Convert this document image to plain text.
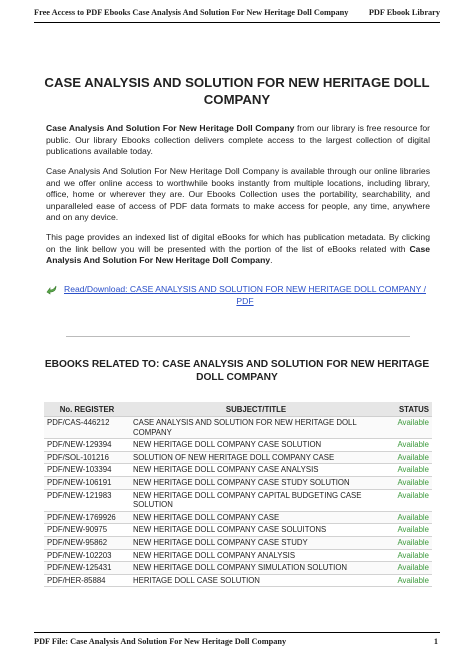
Free Access to PDF Ebooks Case Analysis And Solution For New Heritage Doll Company PDF Ebook Library
CASE ANALYSIS AND SOLUTION FOR NEW HERITAGE DOLL COMPANY

Case Analysis And Solution For New Heritage Doll Company from our library is free resource for public. Our library Ebooks collection delivers complete access to the largest collection of digital publications available today.

Case Analysis And Solution For New Heritage Doll Company is available through our online libraries and we offer online access to worthwhile books instantly from multiple locations, including library, office, home or wherever they are. Our Ebooks Collection uses the portability, searchability, and unparalleled ease of access of PDF data formats to make access for people, any time, anywhere and on any device.

This page provides an indexed list of digital eBooks for which has publication metadata. By clicking on the link bellow you will be presented with the portion of the list of eBooks related with Case Analysis And Solution For New Heritage Doll Company.

Read/Download: CASE ANALYSIS AND SOLUTION FOR NEW HERITAGE DOLL COMPANY / PDF
EBOOKS RELATED TO: CASE ANALYSIS AND SOLUTION FOR NEW HERITAGE DOLL COMPANY
No. REGISTER	SUBJECT/TITLE	STATUS
PDF/CAS-446212	CASE ANALYSIS AND SOLUTION FOR NEW HERITAGE DOLL COMPANY	Available
PDF/NEW-129394	NEW HERITAGE DOLL COMPANY CASE SOLUTION	Available
PDF/SOL-101216	SOLUTION OF NEW HERITAGE DOLL COMPANY CASE	Available
PDF/NEW-103394	NEW HERITAGE DOLL COMPANY CASE ANALYSIS	Available
PDF/NEW-106191	NEW HERITAGE DOLL COMPANY CASE STUDY SOLUTION	Available
PDF/NEW-121983	NEW HERITAGE DOLL COMPANY CAPITAL BUDGETING CASE SOLUTION	Available
PDF/NEW-1769926	NEW HERITAGE DOLL COMPANY CASE	Available
PDF/NEW-90975	NEW HERITAGE DOLL COMPANY CASE SOLUITONS	Available
PDF/NEW-95862	NEW HERITAGE DOLL COMPANY CASE STUDY	Available
PDF/NEW-102203	NEW HERITAGE DOLL COMPANY ANALYSIS	Available
PDF/NEW-125431	NEW HERITAGE DOLL COMPANY SIMULATION SOLUTION	Available
PDF/HER-85884	HERITAGE DOLL CASE SOLUTION	Available
PDF File: Case Analysis And Solution For New Heritage Doll Company	1
